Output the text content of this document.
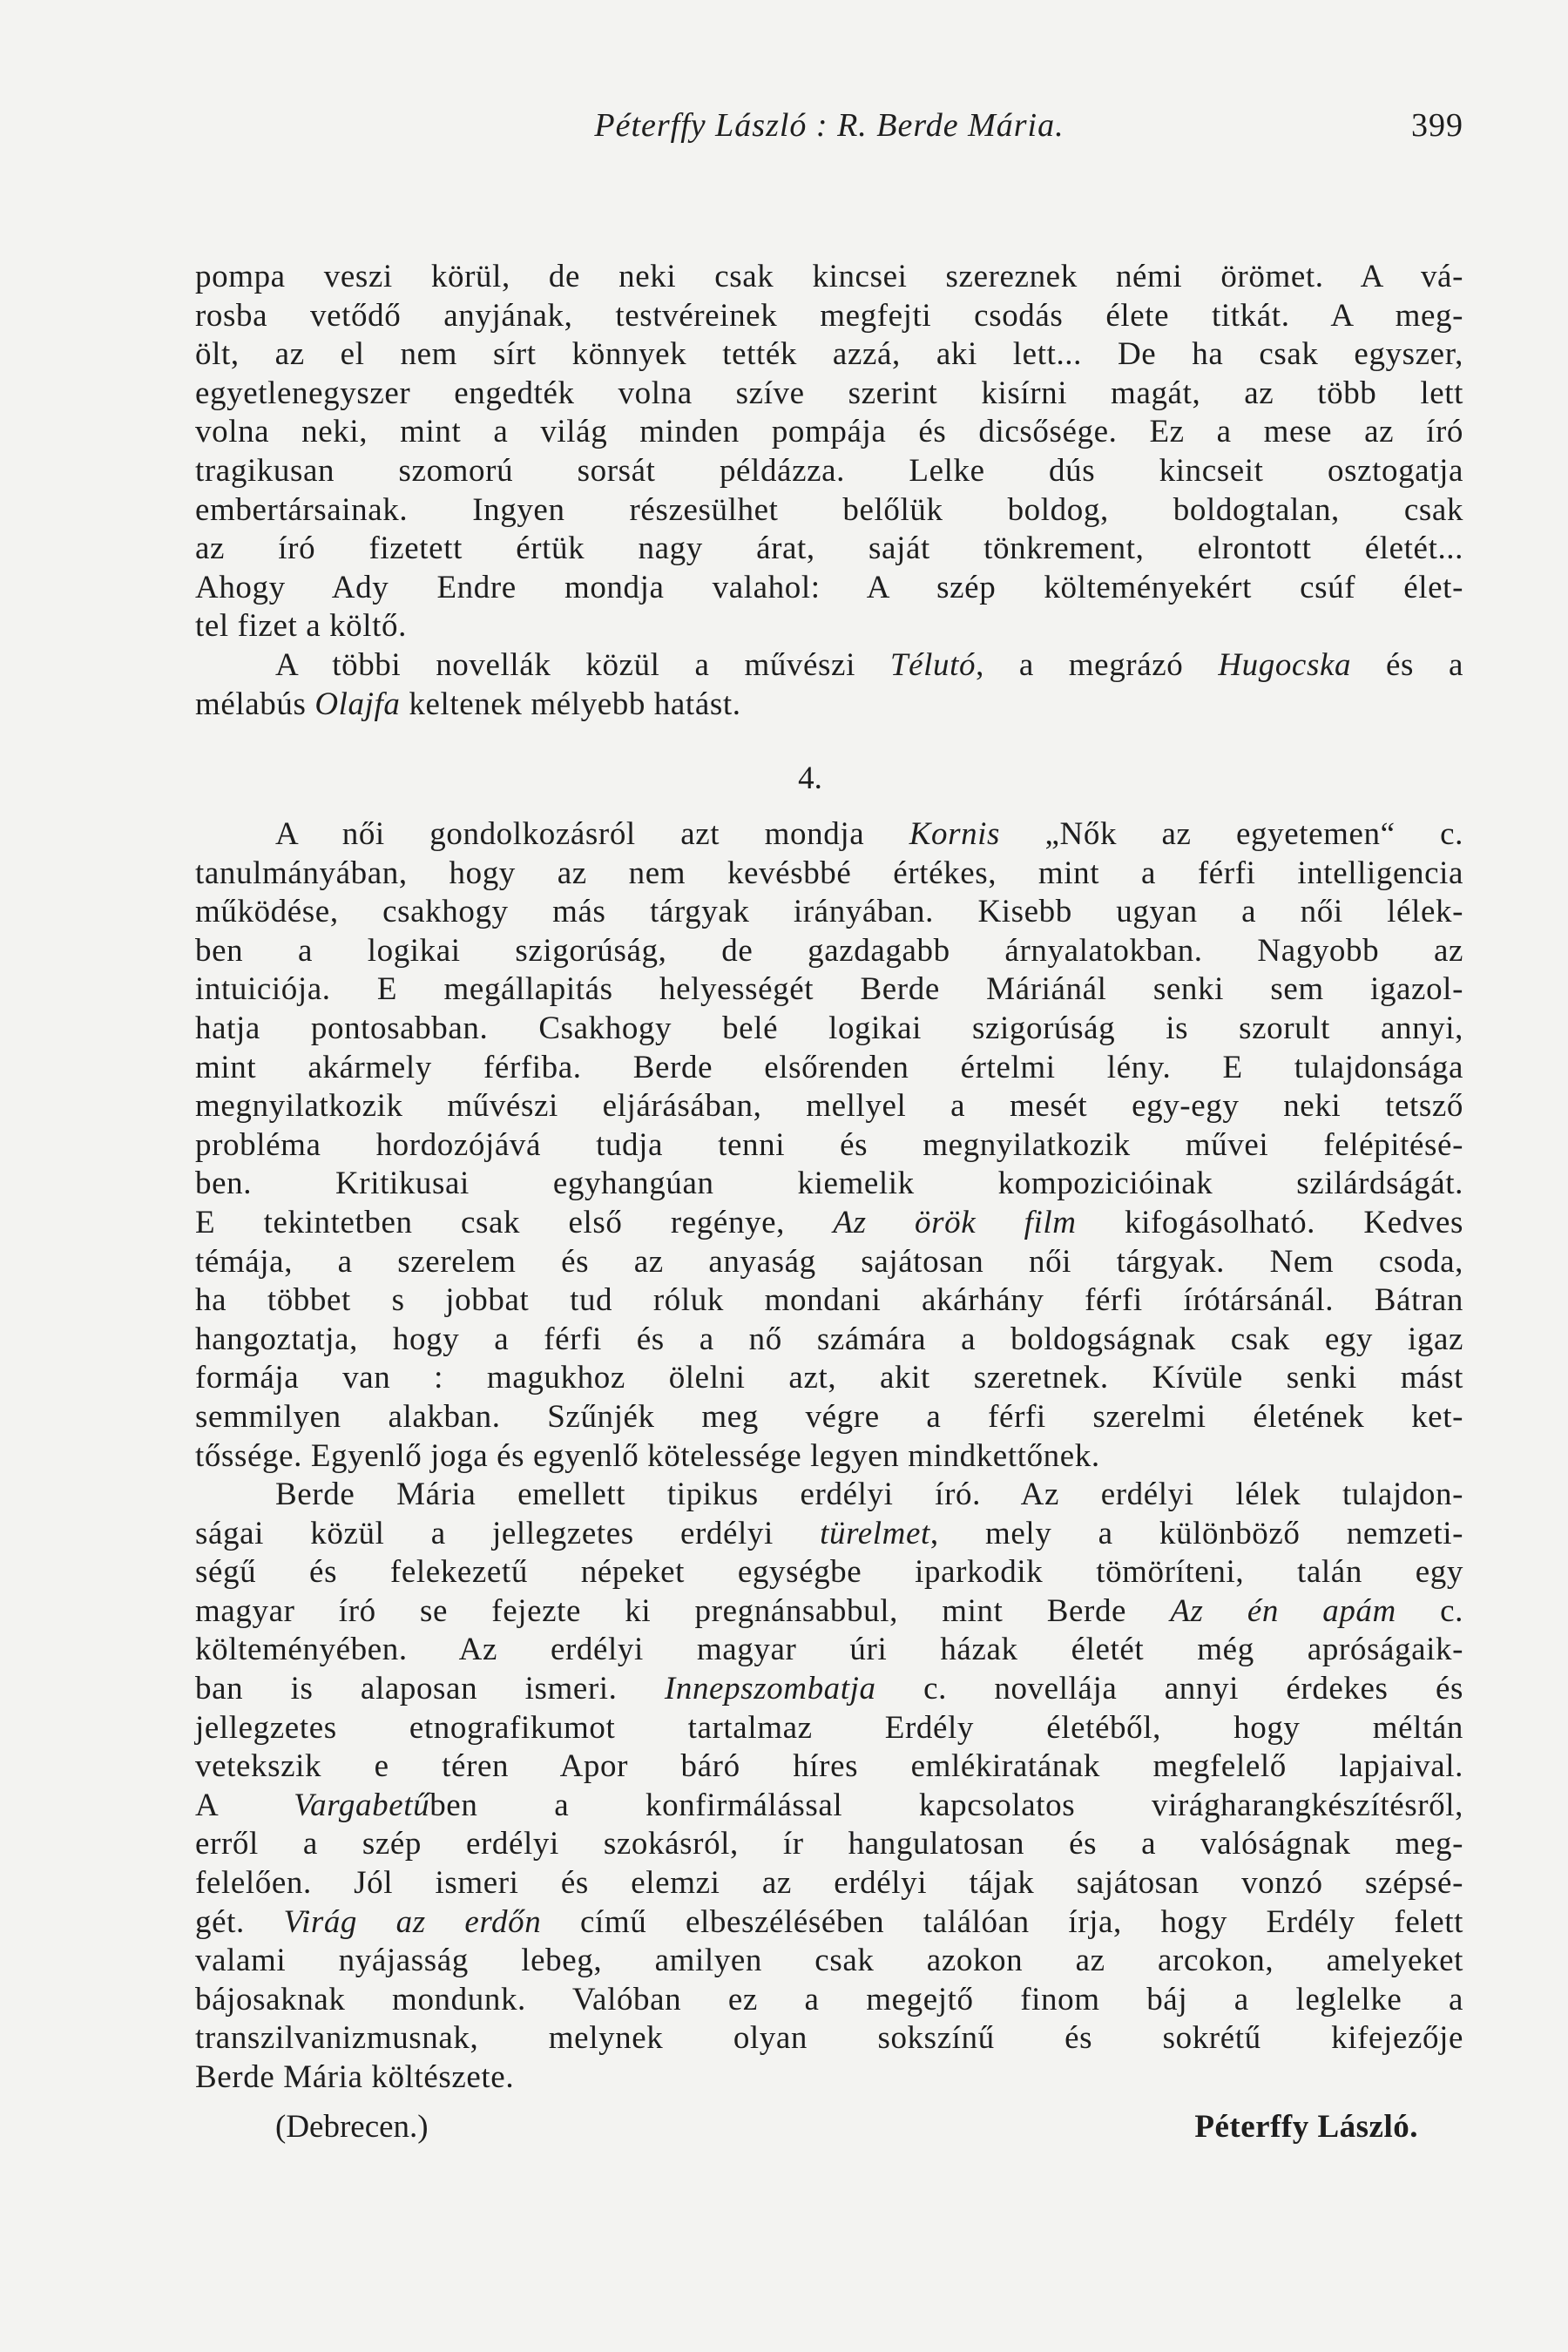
Péterffy László : R. Berde Mária.	399
pompa veszi körül, de neki csak kincsei szereznek némi örömet. A vá-
rosba vetődő anyjának, testvéreinek megfejti csodás élete titkát. A meg-
ölt, az el nem sírt könnyek tették azzá, aki lett... De ha csak egyszer,
egyetlenegyszer engedték volna szíve szerint kisírni magát, az több lett
volna neki, mint a világ minden pompája és dicsősége. Ez a mese az író
tragikusan szomorú sorsát példázza. Lelke dús kincseit osztogatja
embertársainak. Ingyen részesülhet belőlük boldog, boldogtalan, csak
az író fizetett értük nagy árat, saját tönkrement, elrontott életét...
Ahogy Ady Endre mondja valahol: A szép költeményekért csúf élet-
tel fizet a költő.
A többi novellák közül a művészi Télutó, a megrázó Hugocska és a
mélabús Olajfa keltenek mélyebb hatást.
4.
A női gondolkozásról azt mondja Kornis „Nők az egyetemen“ c.
tanulmányában, hogy az nem kevésbbé értékes, mint a férfi intelligencia
működése, csakhogy más tárgyak irányában. Kisebb ugyan a női lélek-
ben a logikai szigorúság, de gazdagabb árnyalatokban. Nagyobb az
intuiciója. E megállapitás helyességét Berde Máriánál senki sem igazol-
hatja pontosabban. Csakhogy belé logikai szigorúság is szorult annyi,
mint akármely férfiba. Berde elsőrenden értelmi lény. E tulajdonsága
megnyilatkozik művészi eljárásában, mellyel a mesét egy-egy neki tetsző
probléma hordozójává tudja tenni és megnyilatkozik művei felépitésé-
ben. Kritikusai egyhangúan kiemelik kompozicióinak szilárdságát.
E tekintetben csak első regénye, Az örök film kifogásolható. Kedves
témája, a szerelem és az anyaság sajátosan női tárgyak. Nem csoda,
ha többet s jobbat tud róluk mondani akárhány férfi írótársánál. Bátran
hangoztatja, hogy a férfi és a nő számára a boldogságnak csak egy igaz
formája van : magukhoz ölelni azt, akit szeretnek. Kívüle senki mást
semmilyen alakban. Szűnjék meg végre a férfi szerelmi életének ket-
tőssége. Egyenlő joga és egyenlő kötelessége legyen mindkettőnek.
Berde Mária emellett tipikus erdélyi író. Az erdélyi lélek tulajdon-
ságai közül a jellegzetes erdélyi türelmet, mely a különböző nemzeti-
ségű és felekezetű népeket egységbe iparkodik tömöríteni, talán egy
magyar író se fejezte ki pregnánsabbul, mint Berde Az én apám c.
költeményében. Az erdélyi magyar úri házak életét még apróságaik-
ban is alaposan ismeri. Innepszombatja c. novellája annyi érdekes és
jellegzetes etnografikumot tartalmaz Erdély életéből, hogy méltán
vetekszik e téren Apor báró híres emlékiratának megfelelő lapjaival.
A Vargabetűben a konfirmálással kapcsolatos virágharangkészítésről,
erről a szép erdélyi szokásról, ír hangulatosan és a valóságnak meg-
felelően. Jól ismeri és elemzi az erdélyi tájak sajátosan vonzó szépsé-
gét. Virág az erdőn című elbeszélésében találóan írja, hogy Erdély felett
valami nyájasság lebeg, amilyen csak azokon az arcokon, amelyeket
bájosaknak mondunk. Valóban ez a megejtő finom báj a leglelke a
transzilvanizmusnak, melynek olyan sokszínű és sokrétű kifejezője
Berde Mária költészete.
(Debrecen.)	Péterffy László.
